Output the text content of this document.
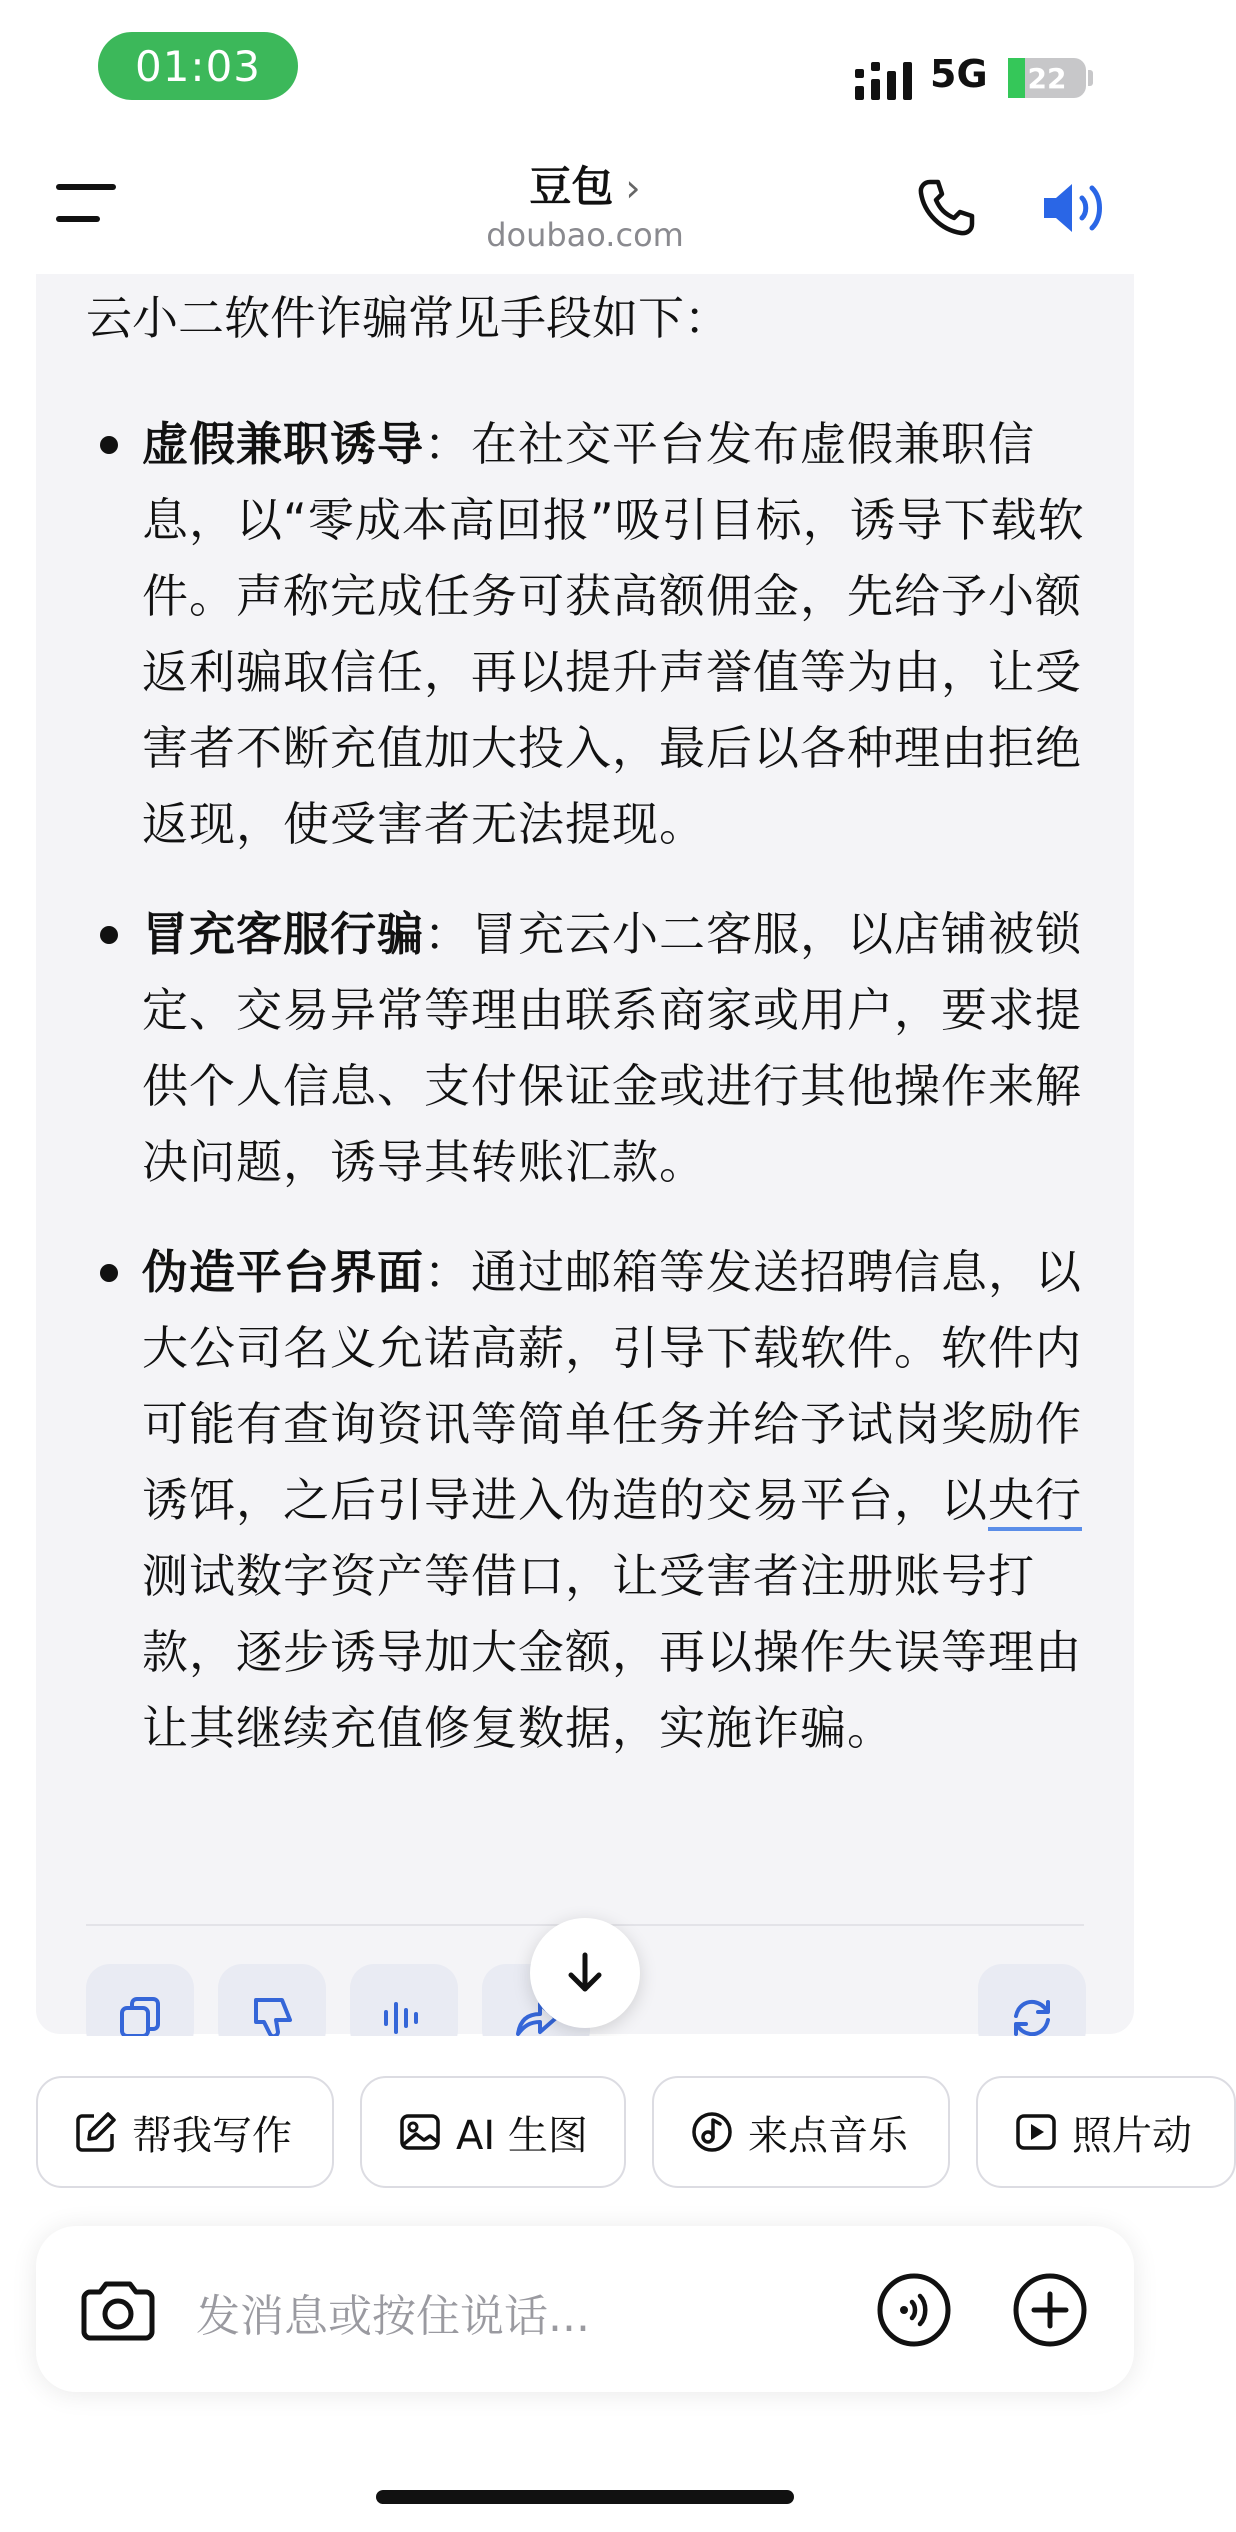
01:03	5G	22
豆包 ›
doubao.com
云小二软件诈骗常见手段如下：
虚假兼职诱导：在社交平台发布虚假兼职信息，以“零成本高回报”吸引目标，诱导下载软件。声称完成任务可获高额佣金，先给予小额返利骗取信任，再以提升声誉值等为由，让受害者不断充值加大投入，最后以各种理由拒绝返现，使受害者无法提现。
冒充客服行骗：冒充云小二客服，以店铺被锁定、交易异常等理由联系商家或用户，要求提供个人信息、支付保证金或进行其他操作来解决问题，诱导其转账汇款。
伪造平台界面：通过邮箱等发送招聘信息，以大公司名义允诺高薪，引导下载软件。软件内可能有查询资讯等简单任务并给予试岗奖励作诱饵，之后引导进入伪造的交易平台，以央行测试数字资产等借口，让受害者注册账号打款，逐步诱导加大金额，再以操作失误等理由让其继续充值修复数据，实施诈骗。
帮我写作	AI 生图	来点音乐	照片动
发消息或按住说话...
